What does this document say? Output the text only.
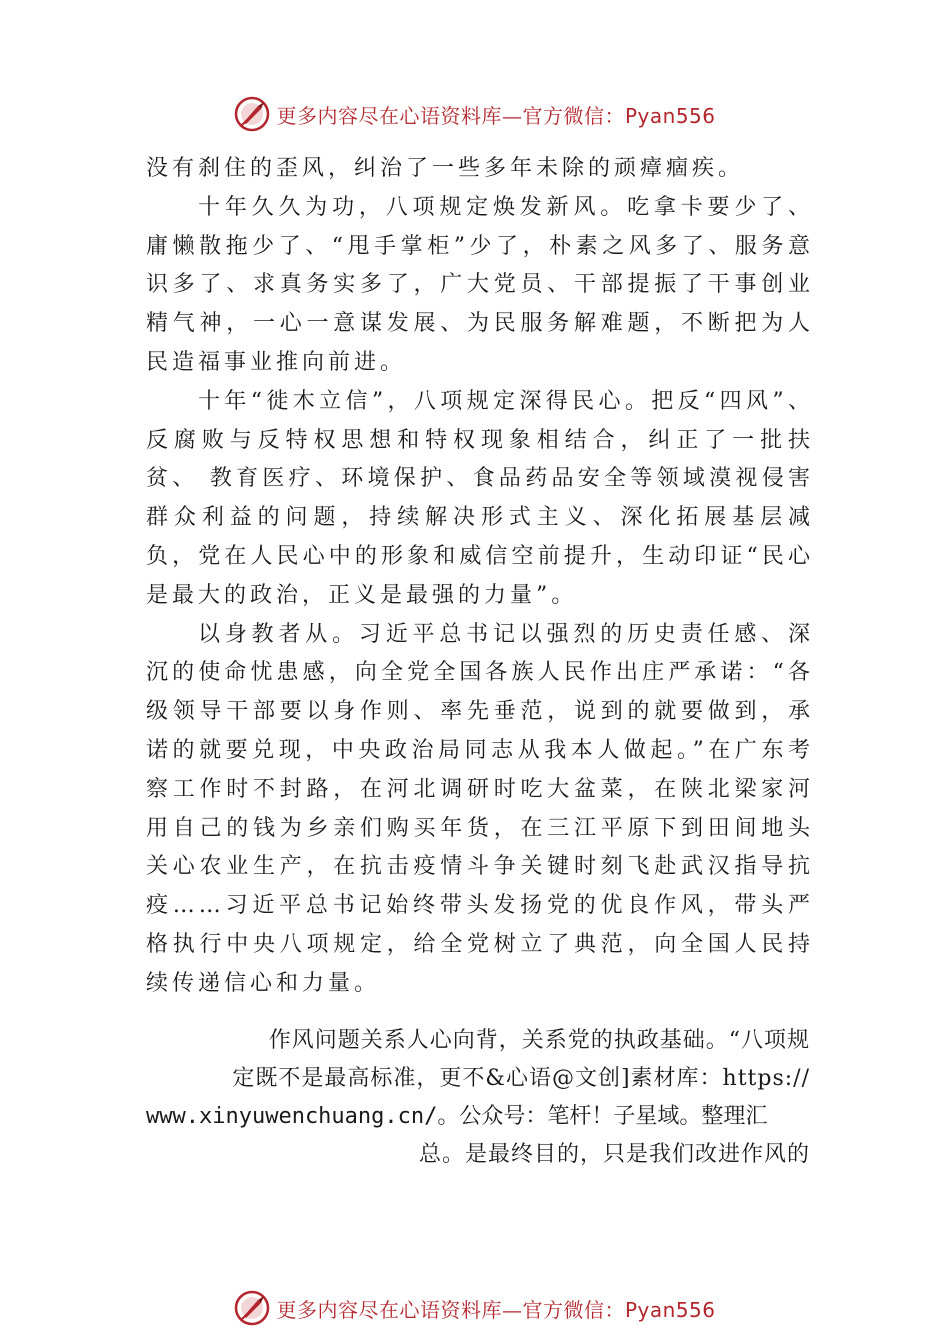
更多内容尽在心语资料库—官方微信：Pyan556

没有刹住的歪风，纠治了一些多年未除的顽瘴痼疾。

十年久久为功，八项规定焕发新风。吃拿卡要少了、庸懒散拖少了、“甩手掌柜”少了，朴素之风多了、服务意识多了、求真务实多了，广大党员、干部提振了干事创业精气神，一心一意谋发展、为民服务解难题，不断把为人民造福事业推向前进。

十年“徙木立信”，八项规定深得民心。把反“四风”、反腐败与反特权思想和特权现象相结合，纠正了一批扶贫、 教育医疗、环境保护、食品药品安全等领域漠视侵害群众利益的问题，持续解决形式主义、深化拓展基层减负，党在人民心中的形象和威信空前提升，生动印证“民心是最大的政治，正义是最强的力量”。

以身教者从。习近平总书记以强烈的历史责任感、深沉的使命忧患感，向全党全国各族人民作出庄严承诺：“各级领导干部要以身作则、率先垂范，说到的就要做到，承诺的就要兑现，中央政治局同志从我本人做起。”在广东考察工作时不封路，在河北调研时吃大盆菜，在陕北梁家河用自己的钱为乡亲们购买年货，在三江平原下到田间地头关心农业生产，在抗击疫情斗争关键时刻飞赴武汉指导抗疫……习近平总书记始终带头发扬党的优良作风，带头严格执行中央八项规定，给全党树立了典范，向全国人民持续传递信心和力量。

作风问题关系人心向背，关系党的执政基础。“八项规
定既不是最高标准，更不&心语@文创]素材库：https://
www.xinyuwenchuang.cn/。公众号：笔杆！子星域。整理汇
总。是最终目的，只是我们改进作风的
更多内容尽在心语资料库—官方微信：Pyan556
